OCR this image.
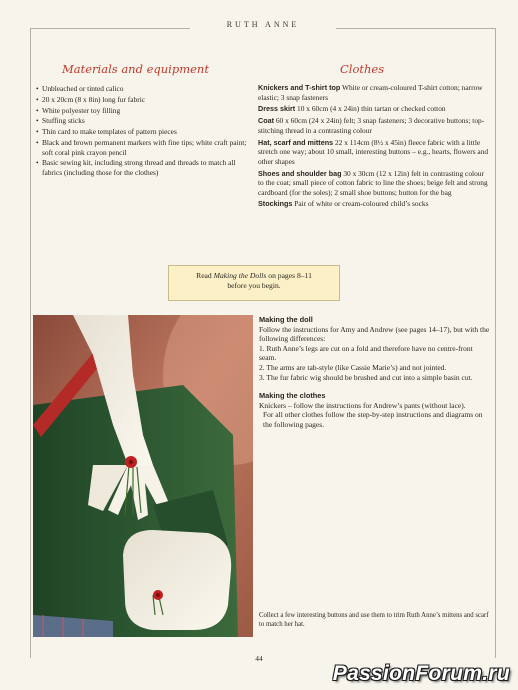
RUTH ANNE
Materials and equipment	Clothes
• Unbleached or tinted calico
• 20 x 20cm (8 x 8in) long fur fabric
• White polyester toy filling
• Stuffing sticks
• Thin card to make templates of pattern pieces
• Black and brown permanent markers with fine tips; white craft paint; soft coral pink crayon pencil
• Basic sewing kit, including strong thread and threads to match all fabrics (including those for the clothes)

Knickers and T-shirt top White or cream-coloured T-shirt cotton; narrow elastic; 3 snap fasteners

Dress skirt 10 x 60cm (4 x 24in) thin tartan or checked cotton

Coat 60 x 60cm (24 x 24in) felt; 3 snap fasteners; 3 decorative buttons; top-stitching thread in a contrasting colour

Hat, scarf and mittens 22 x 114cm (8½ x 45in) fleece fabric with a little stretch one way; about 10 small, interesting buttons – e.g., hearts, flowers and other shapes

Shoes and shoulder bag 30 x 30cm (12 x 12in) felt in contrasting colour to the coat; small piece of cotton fabric to line the shoes; beige felt and strong cardboard (for the soles); 2 small shoe buttons; button for the bag

Stockings Pair of white or cream-coloured child’s socks

Read Making the Dolls on pages 8–11
before you begin.
Making the doll

Follow the instructions for Amy and Andrew (see pages 14–17), but with the following differences:

1. Ruth Anne’s legs are cut on a fold and therefore have no centre-front seam.

2. The arms are tab-style (like Cassie Marie’s) and not jointed.

3. The fur fabric wig should be brushed and cut into a simple basin cut.

Making the clothes

Knickers – follow the instructions for Andrew’s pants (without lace).

For all other clothes follow the step-by-step instructions and diagrams on the following pages.

Collect a few interesting buttons and use them to trim Ruth Anne’s mittens and scarf to match her hat.
44
PassionForum.ru
